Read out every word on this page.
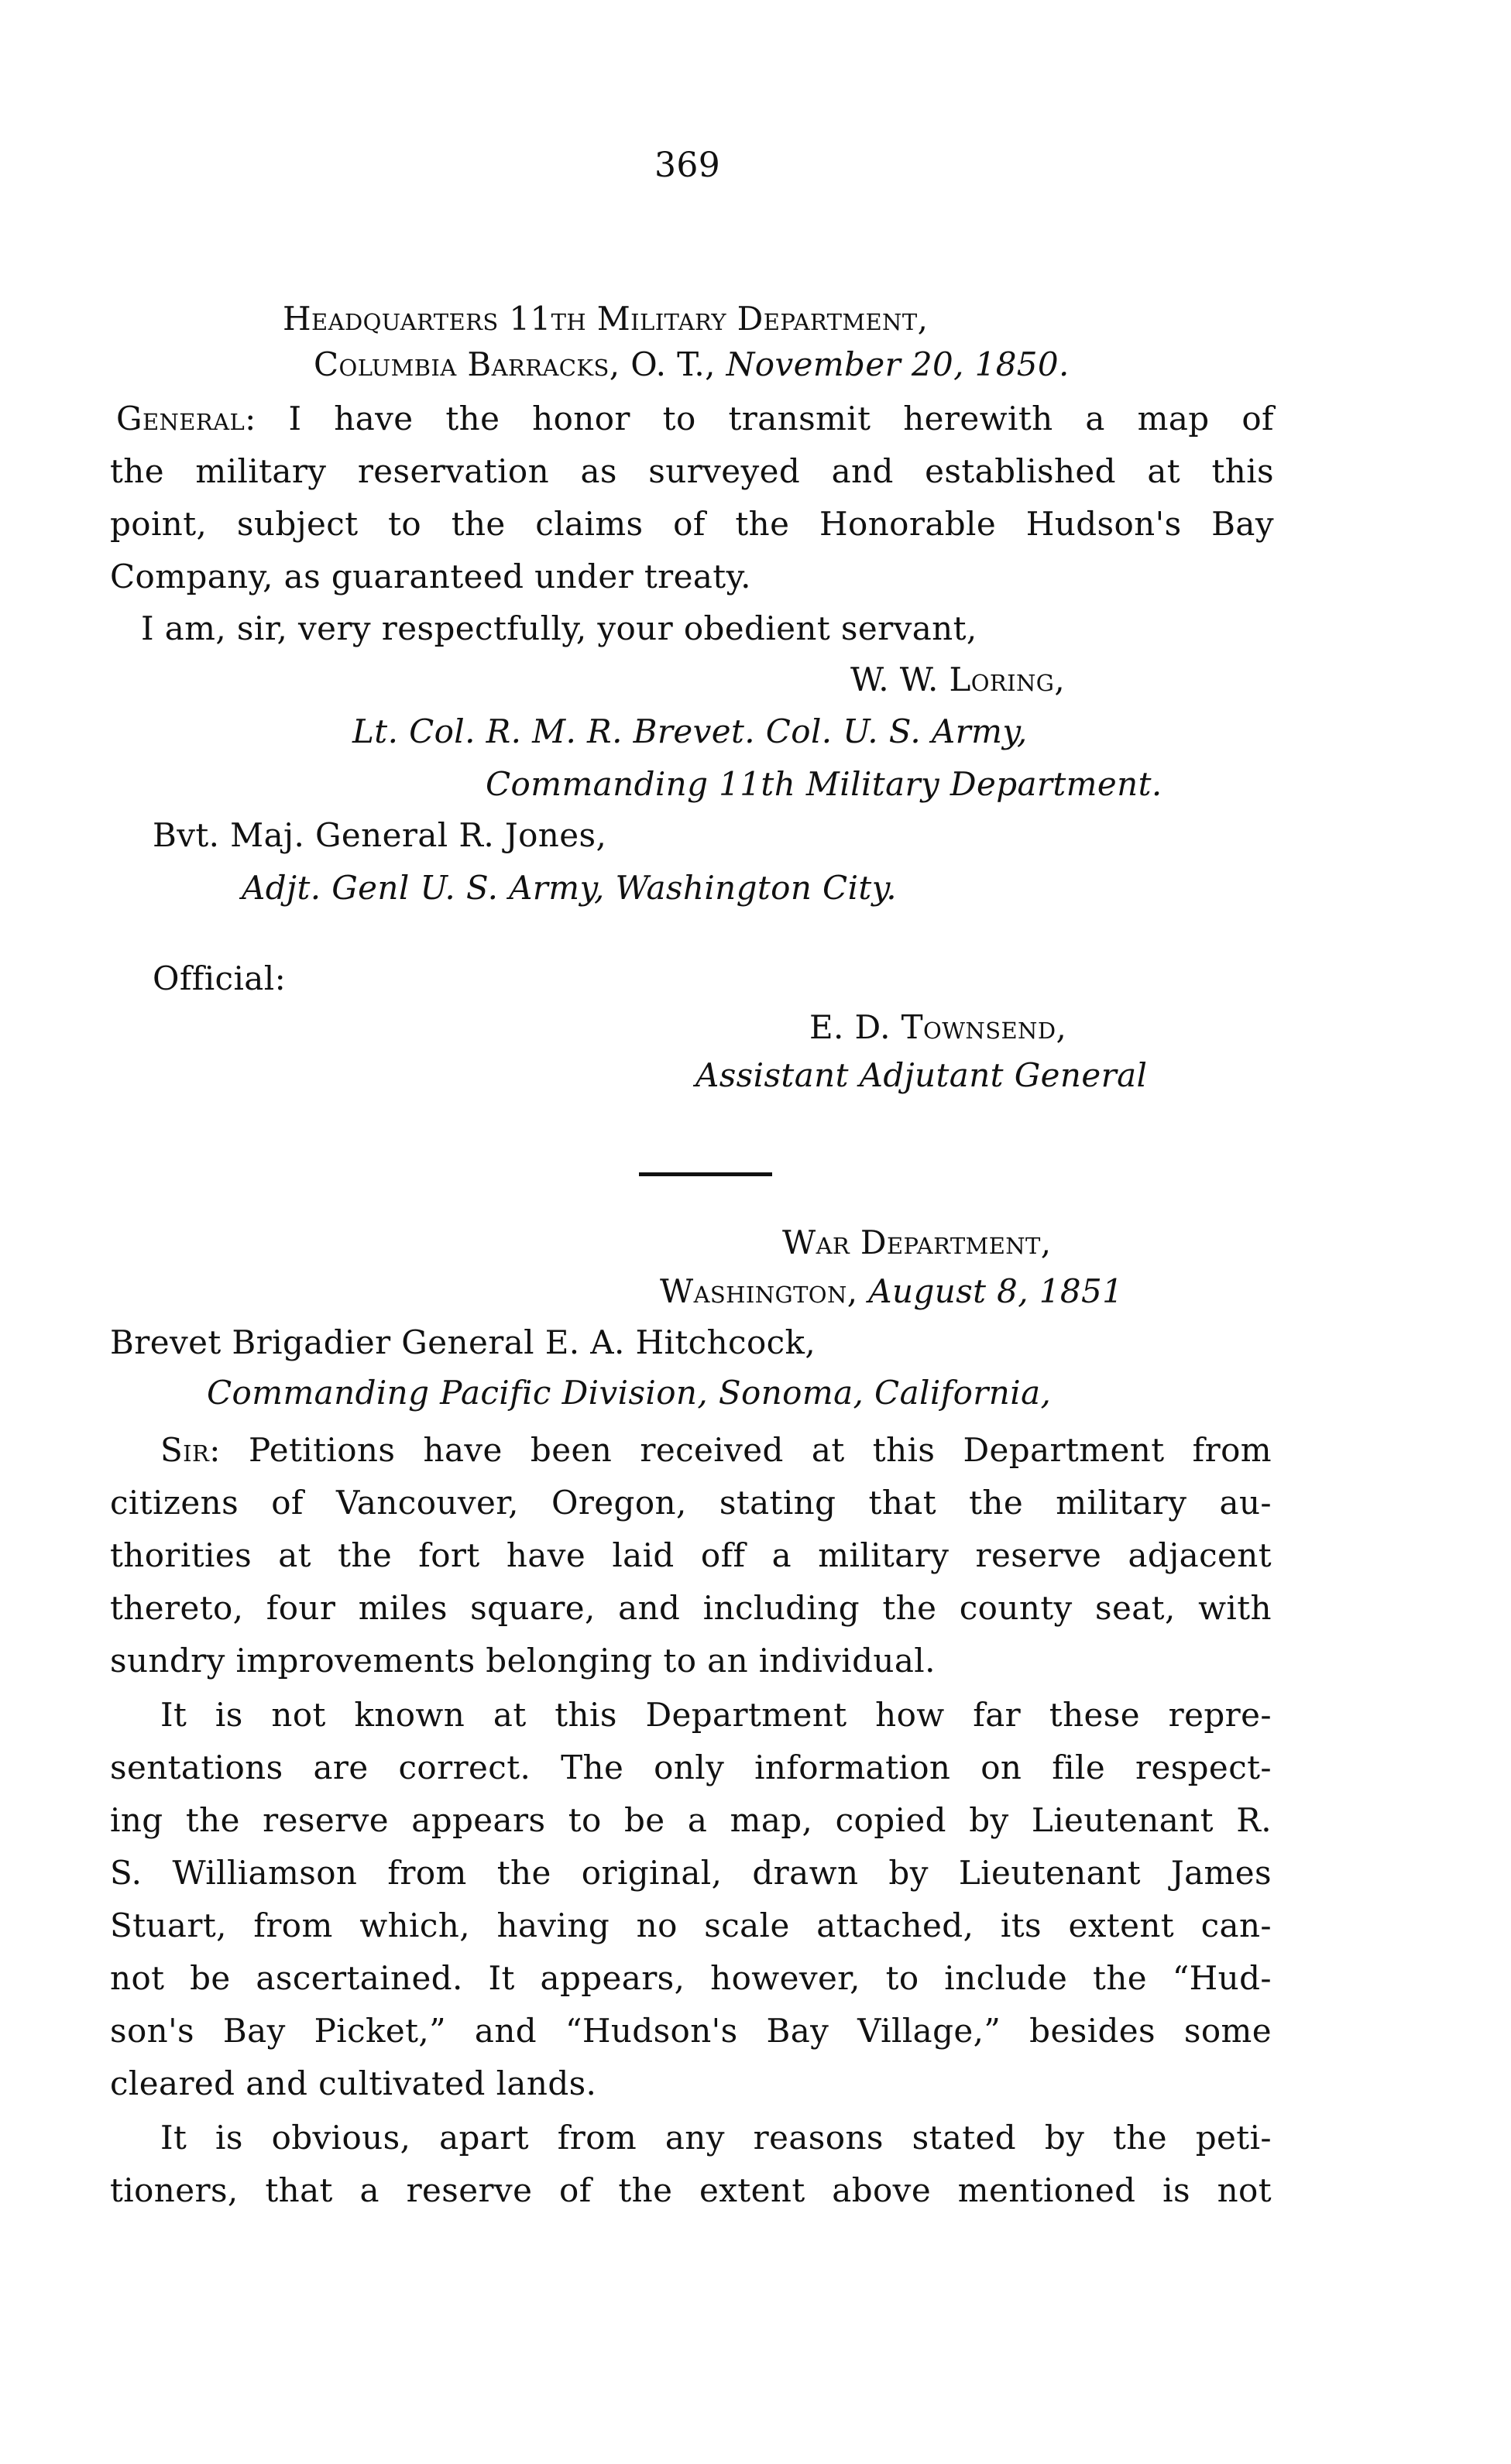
369
Headquarters 11th Military Department,
Columbia Barracks, O. T., November 20, 1850.
General: I have the honor to transmit herewith a map of
the military reservation as surveyed and established at this
point, subject to the claims of the Honorable Hudson's Bay
Company, as guaranteed under treaty.
I am, sir, very respectfully, your obedient servant,
W. W. Loring,
Lt. Col. R. M. R. Brevet. Col. U. S. Army,
Commanding 11th Military Department.
Bvt. Maj. General R. Jones,
Adjt. Genl U. S. Army, Washington City.
Official:
E. D. Townsend,
Assistant Adjutant General
War Department,
Washington, August 8, 1851
Brevet Brigadier General E. A. Hitchcock,
Commanding Pacific Division, Sonoma, California,
Sir: Petitions have been received at this Department from
citizens of Vancouver, Oregon, stating that the military au-
thorities at the fort have laid off a military reserve adjacent
thereto, four miles square, and including the county seat, with
sundry improvements belonging to an individual.
It is not known at this Department how far these repre-
sentations are correct. The only information on file respect-
ing the reserve appears to be a map, copied by Lieutenant R.
S. Williamson from the original, drawn by Lieutenant James
Stuart, from which, having no scale attached, its extent can-
not be ascertained. It appears, however, to include the “Hud-
son's Bay Picket,” and “Hudson's Bay Village,” besides some
cleared and cultivated lands.
It is obvious, apart from any reasons stated by the peti-
tioners, that a reserve of the extent above mentioned is not
